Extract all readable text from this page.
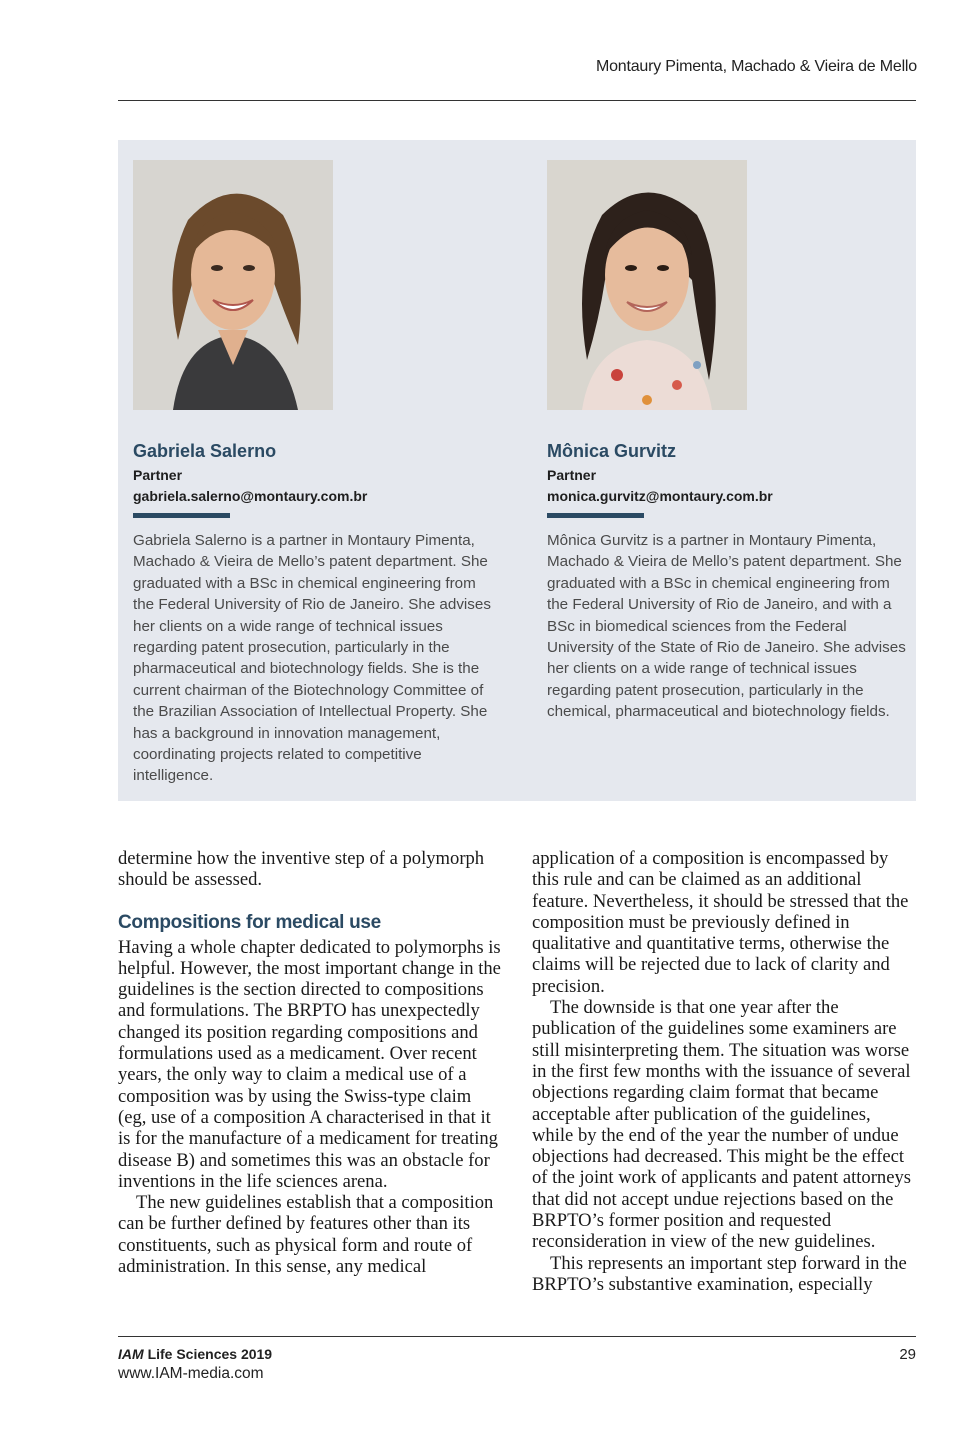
Montaury Pimenta, Machado & Vieira de Mello
Gabriela Salerno
Partner
gabriela.salerno@montaury.com.br
Gabriela Salerno is a partner in Montaury Pimenta, Machado & Vieira de Mello’s patent department. She graduated with a BSc in chemical engineering from the Federal University of Rio de Janeiro. She advises her clients on a wide range of technical issues regarding patent prosecution, particularly in the pharmaceutical and biotechnology fields. She is the current chairman of the Biotechnology Committee of the Brazilian Association of Intellectual Property. She has a background in innovation management, coordinating projects related to competitive intelligence.
Mônica Gurvitz
Partner
monica.gurvitz@montaury.com.br
Mônica Gurvitz is a partner in Montaury Pimenta, Machado & Vieira de Mello’s patent department. She graduated with a BSc in chemical engineering from the Federal University of Rio de Janeiro, and with a BSc in biomedical sciences from the Federal University of the State of Rio de Janeiro. She advises her clients on a wide range of technical issues regarding patent prosecution, particularly in the chemical, pharmaceutical and biotechnology fields.

determine how the inventive step of a polymorph should be assessed.

Compositions for medical use

Having a whole chapter dedicated to polymorphs is helpful. However, the most important change in the guidelines is the section directed to compositions and formulations. The BRPTO has unexpectedly changed its position regarding compositions and formulations used as a medicament. Over recent years, the only way to claim a medical use of a composition was by using the Swiss-type claim (eg, use of a composition A characterised in that it is for the manufacture of a medicament for treating disease B) and sometimes this was an obstacle for inventions in the life sciences arena.

The new guidelines establish that a composition can be further defined by features other than its constituents, such as physical form and route of administration. In this sense, any medical

application of a composition is encompassed by this rule and can be claimed as an additional feature. Nevertheless, it should be stressed that the composition must be previously defined in qualitative and quantitative terms, otherwise the claims will be rejected due to lack of clarity and precision.

The downside is that one year after the publication of the guidelines some examiners are still misinterpreting them. The situation was worse in the first few months with the issuance of several objections regarding claim format that became acceptable after publication of the guidelines, while by the end of the year the number of undue objections had decreased. This might be the effect of the joint work of applicants and patent attorneys that did not accept undue rejections based on the BRPTO’s former position and requested reconsideration in view of the new guidelines.

This represents an important step forward in the BRPTO’s substantive examination, especially

IAM Life Sciences 2019
www.IAM-media.com
29
